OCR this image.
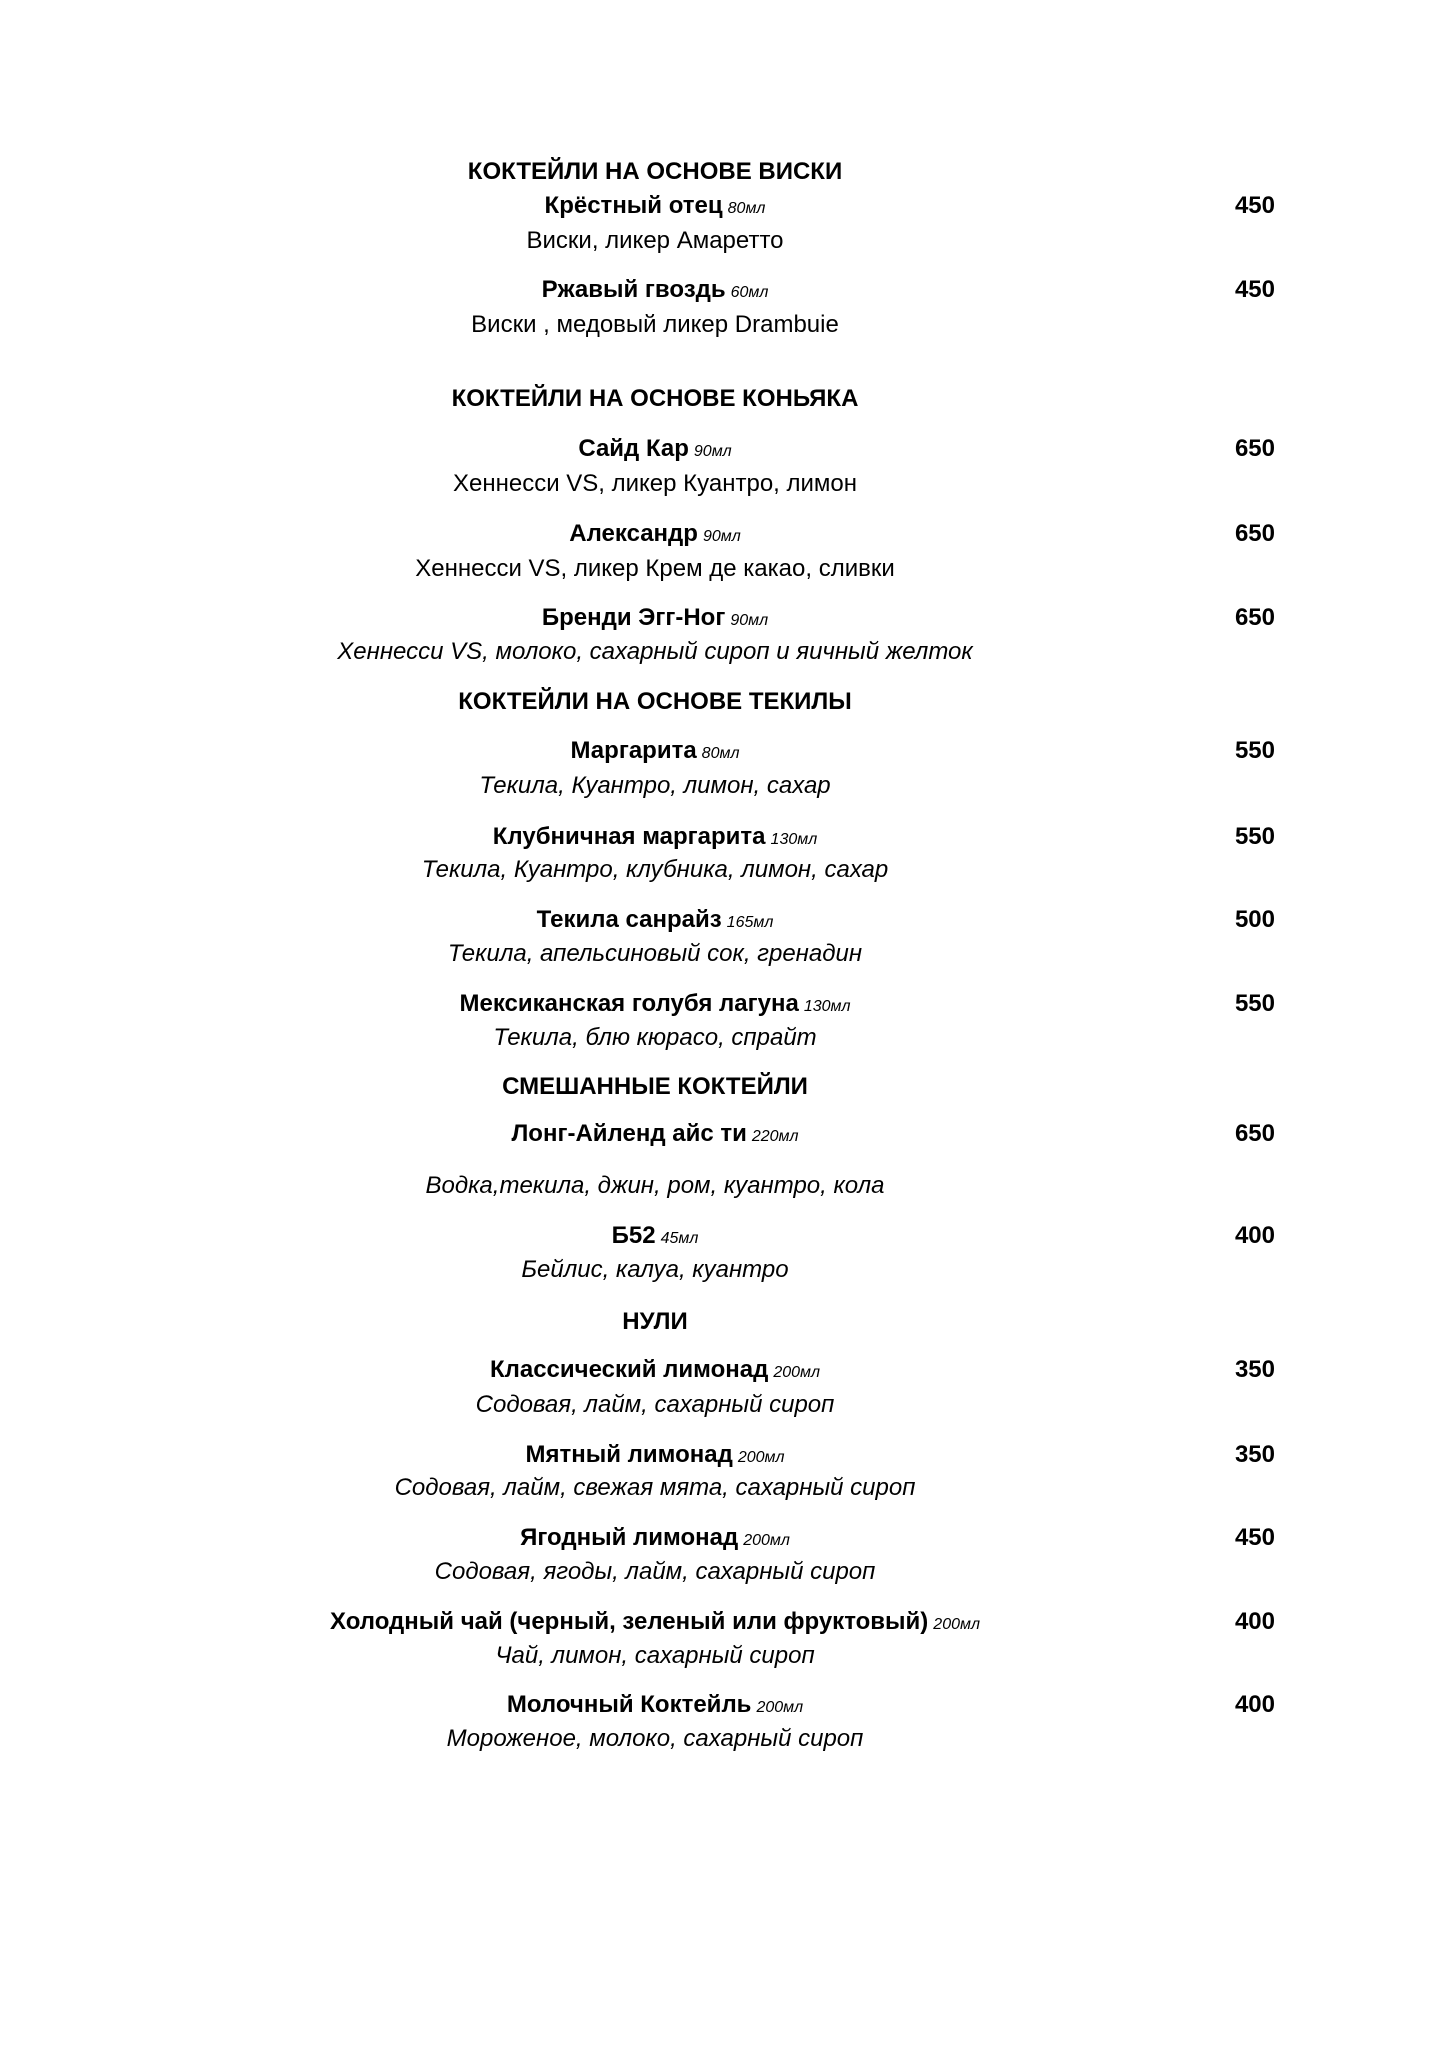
КОКТЕЙЛИ НА ОСНОВЕ ВИСКИ
Крёстный отец 80мл	450
Виски, ликер Амаретто
Ржавый гвоздь 60мл	450
Виски , медовый ликер Drambuie
КОКТЕЙЛИ НА ОСНОВЕ КОНЬЯКА
Сайд Кар 90мл	650
Хеннесси VS, ликер Куантро, лимон
Александр 90мл	650
Хеннесси VS, ликер Крем де какао, сливки
Бренди Эгг-Ног 90мл	650
Хеннесси VS, молоко, сахарный сироп и яичный желток
КОКТЕЙЛИ НА ОСНОВЕ ТЕКИЛЫ
Маргарита 80мл	550
Текила, Куантро, лимон, сахар
Клубничная маргарита 130мл	550
Текила, Куантро, клубника, лимон, сахар
Текила санрайз 165мл	500
Текила, апельсиновый сок, гренадин
Мексиканская голубя лагуна 130мл	550
Текила, блю кюрасо, спрайт
СМЕШАННЫЕ КОКТЕЙЛИ
Лонг-Айленд айс ти 220мл	650
Водка,текила, джин, ром, куантро, кола
Б52 45мл	400
Бейлис, калуа, куантро
НУЛИ
Классический лимонад 200мл	350
Содовая, лайм, сахарный сироп
Мятный лимонад 200мл	350
Содовая, лайм, свежая мята, сахарный сироп
Ягодный лимонад 200мл	450
Содовая, ягоды, лайм, сахарный сироп
Холодный чай (черный, зеленый или фруктовый) 200мл	400
Чай, лимон, сахарный сироп
Молочный Коктейль 200мл	400
Мороженое, молоко, сахарный сироп
